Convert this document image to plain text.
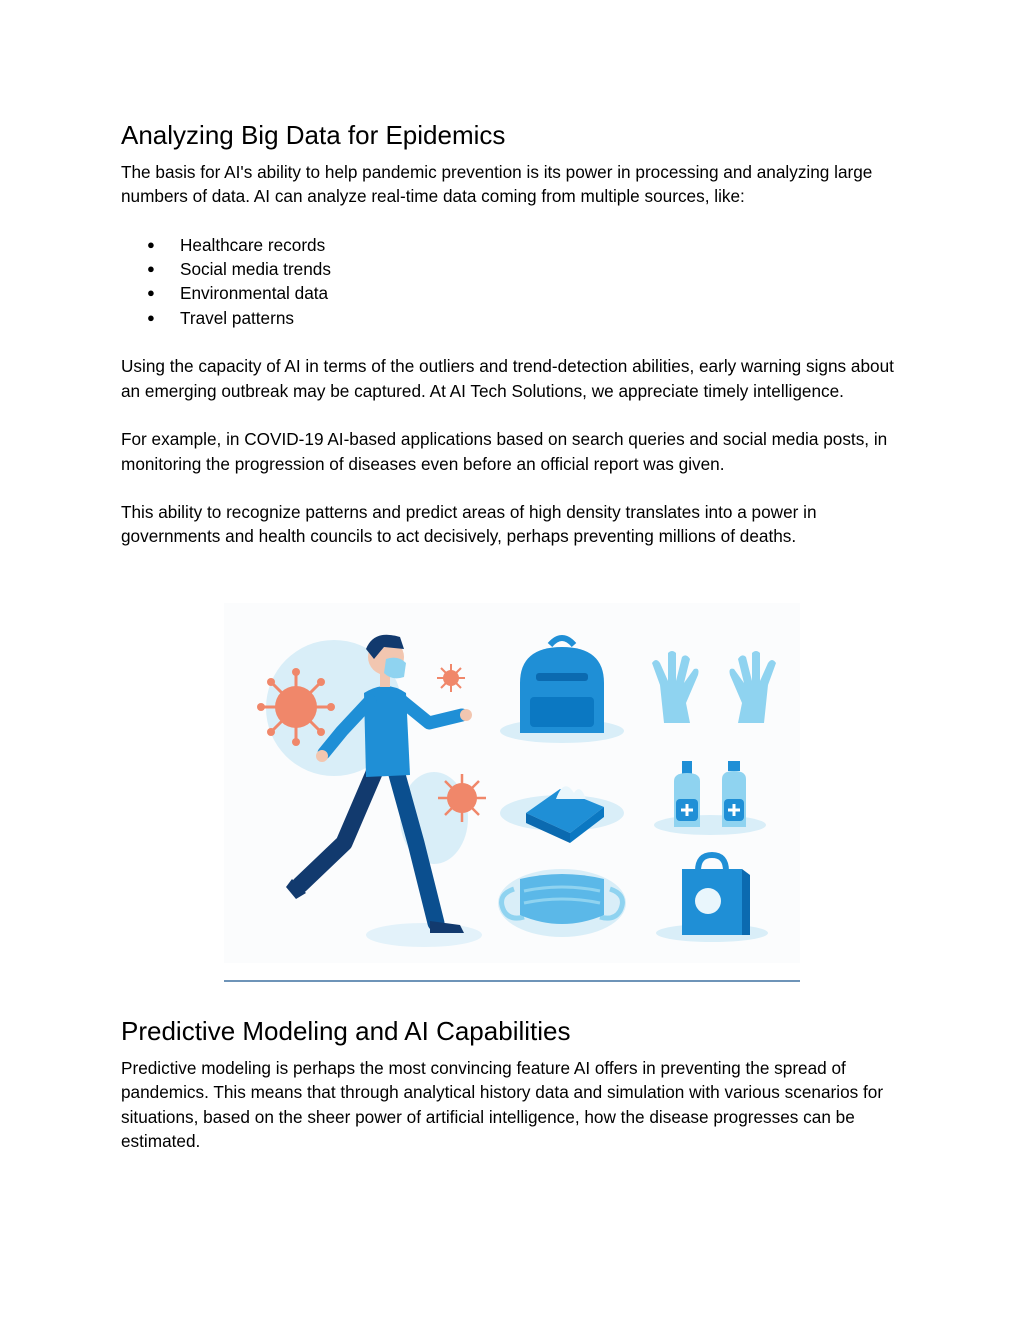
Analyzing Big Data for Epidemics

The basis for AI's ability to help pandemic prevention is its power in processing and analyzing large numbers of data. AI can analyze real-time data coming from multiple sources, like:

● Healthcare records
● Social media trends
● Environmental data
● Travel patterns

Using the capacity of AI in terms of the outliers and trend-detection abilities, early warning signs about an emerging outbreak may be captured. At AI Tech Solutions, we appreciate timely intelligence.

For example, in COVID-19 AI-based applications based on search queries and social media posts, in monitoring the progression of diseases even before an official report was given.

This ability to recognize patterns and predict areas of high density translates into a power in governments and health councils to act decisively, perhaps preventing millions of deaths.

Predictive Modeling and AI Capabilities

Predictive modeling is perhaps the most convincing feature AI offers in preventing the spread of pandemics. This means that through analytical history data and simulation with various scenarios for situations, based on the sheer power of artificial intelligence, how the disease progresses can be estimated.
